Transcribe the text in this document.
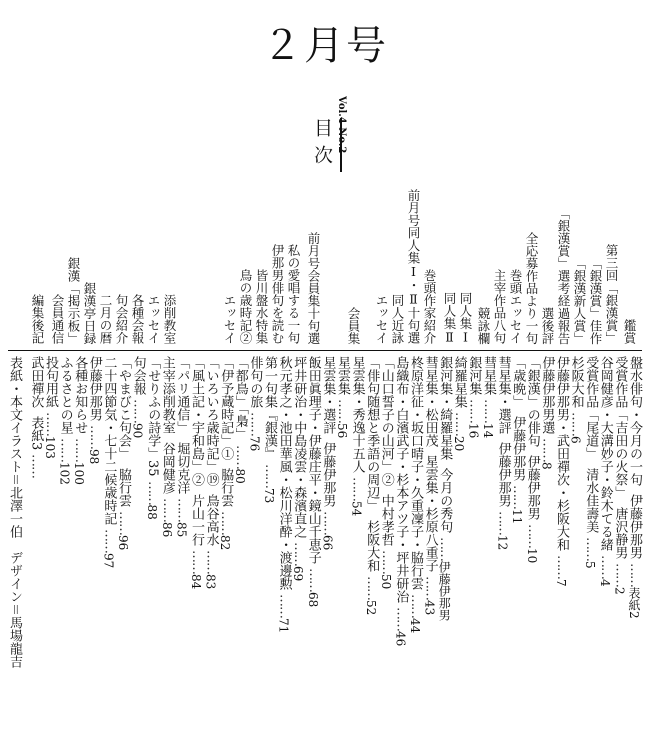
２月号
Vol.4 No.2
目次
鑑賞
第三回「銀漢賞」
「銀漢賞」佳作
「銀漢新人賞」
「銀漢賞」選考経過報告
選後評
全応募作品より一句
巻頭エッセイ
主宰作品八句
競詠欄
同人集Ⅰ
同人集Ⅱ
巻頭作家紹介
前月号同人集Ⅰ・Ⅱ十句選
同人近詠
エッセイ
会員集
前月号会員集十句選
私の愛唱する一句
伊那男俳句を読む
皆川盤水特集
鳥の歳時記②
エッセイ
添削教室
エッセイ
各種会報
句会紹介
二月の暦
銀漢亭日録
銀漢「掲示板」
会員通信
編集後記
盤水俳句・今月の一句伊藤伊那男……表紙2
受賞作品「吉田の火祭」唐沢静男……2
谷岡健彦・大溝妙子・鈴木てる緒……4
受賞作品「尾道」清水佳壽美……5
杉阪大和……6
伊藤伊那男・武田禪次・杉阪大和……7
伊藤伊那男選……8
「銀漢」の俳句伊藤伊那男……10
「歳晩」伊藤伊那男……11
彗星集・選評伊藤伊那男……12
彗星集……14
銀河集……16
綺羅星集……20
銀河集・綺羅星集今月の秀句……伊藤伊那男
彗星集・松田茂星雲集・杉原八重子……43
柊原洋征・坂口晴子・久重凜子・脇行雲……44
島織布・白濱武子・杉本アツ子・坪井研治……46
「山口誓子の山河」②中村孝哲……50
「俳句随想と季語の周辺」杉阪大和……52
星雲集・秀逸十五人……54
星雲集……56
星雲集・選評伊藤伊那男……66
飯田眞理子・伊藤庄平・鏡山千恵子……68
坪井研治・中島凌雲・森濱直之……69
秋元孝之・池田華風・松川洋酔・渡邊勲……71
第一句集『銀漢』……73
俳句の旅……76
「都鳥」「梟」……80
「伊予蔵時記」①脇行雲……82
「いろいろ歳時記」⑲鳥谷高水……83
「風土記・宇和島」②片山一行……84
「パリ通信」堀切克洋……85
主宰添削教室谷岡健彦……86
「せりふの詩学」35……88
句会報……90
「やまびこ句会」脇行雲……96
二十四節気・七十二候歳時記……97
伊藤伊那男……98
各種お知らせ……100
ふるさとの星……102
投句用紙……103
武田禪次表紙3……
表紙・本文イラスト＝北澤一伯　デザイン＝馬場龍吉
